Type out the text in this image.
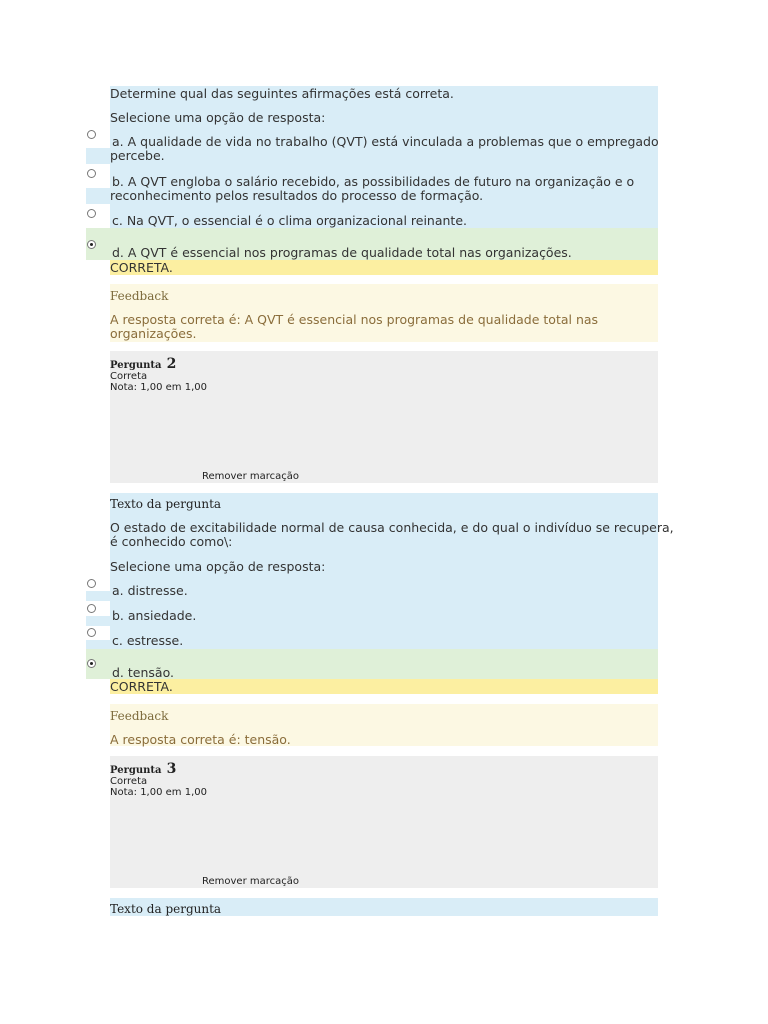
Determine qual das seguintes afirmações está correta.
Selecione uma opção de resposta:
a. A qualidade de vida no trabalho (QVT) está vinculada a problemas que o empregado
percebe.
b. A QVT engloba o salário recebido, as possibilidades de futuro na organização e o
reconhecimento pelos resultados do processo de formação.
c. Na QVT, o essencial é o clima organizacional reinante.
d. A QVT é essencial nos programas de qualidade total nas organizações.
CORRETA.
Feedback
A resposta correta é: A QVT é essencial nos programas de qualidade total nas
organizações.
Pergunta 2
Correta
Nota: 1,00 em 1,00
Remover marcação
Texto da pergunta
O estado de excitabilidade normal de causa conhecida, e do qual o indivíduo se recupera,
é conhecido como\:
Selecione uma opção de resposta:
a. distresse.
b. ansiedade.
c. estresse.
d. tensão.
CORRETA.
Feedback
A resposta correta é: tensão.
Pergunta 3
Correta
Nota: 1,00 em 1,00
Remover marcação
Texto da pergunta
